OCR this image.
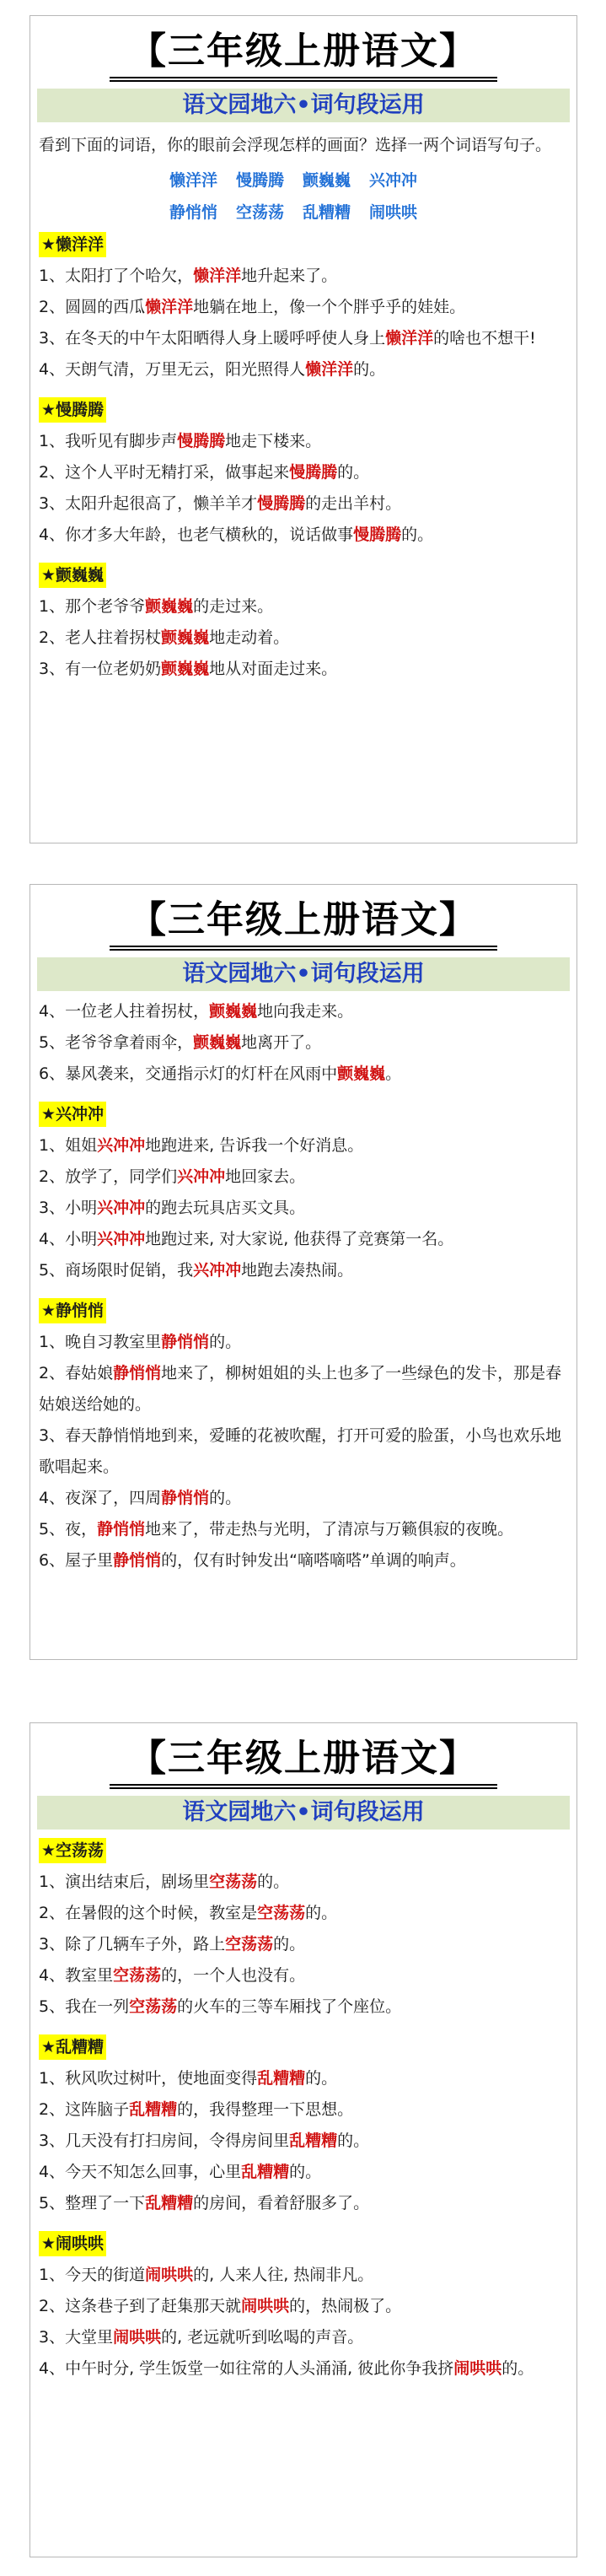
【三年级上册语文】
语文园地六•词句段运用
看到下面的词语，你的眼前会浮现怎样的画面？选择一两个词语写句子。
懒洋洋 慢腾腾 颤巍巍 兴冲冲
静悄悄 空荡荡 乱糟糟 闹哄哄
★懒洋洋
1、太阳打了个哈欠，懒洋洋地升起来了。
2、圆圆的西瓜懒洋洋地躺在地上，像一个个胖乎乎的娃娃。
3、在冬天的中午太阳晒得人身上暖呼呼使人身上懒洋洋的啥也不想干!
4、天朗气清，万里无云，阳光照得人懒洋洋的。
★慢腾腾
1、我听见有脚步声慢腾腾地走下楼来。
2、这个人平时无精打采，做事起来慢腾腾的。
3、太阳升起很高了，懒羊羊才慢腾腾的走出羊村。
4、你才多大年龄，也老气横秋的，说话做事慢腾腾的。
★颤巍巍
1、那个老爷爷颤巍巍的走过来。
2、老人拄着拐杖颤巍巍地走动着。
3、有一位老奶奶颤巍巍地从对面走过来。
【三年级上册语文】
语文园地六•词句段运用
4、一位老人拄着拐杖，颤巍巍地向我走来。
5、老爷爷拿着雨伞，颤巍巍地离开了。
6、暴风袭来，交通指示灯的灯杆在风雨中颤巍巍。
★兴冲冲
1、姐姐兴冲冲地跑进来, 告诉我一个好消息。
2、放学了，同学们兴冲冲地回家去。
3、小明兴冲冲的跑去玩具店买文具。
4、小明兴冲冲地跑过来, 对大家说, 他获得了竞赛第一名。
5、商场限时促销，我兴冲冲地跑去凑热闹。
★静悄悄
1、晚自习教室里静悄悄的。
2、春姑娘静悄悄地来了，柳树姐姐的头上也多了一些绿色的发卡，那是春姑娘送给她的。
3、春天静悄悄地到来，爱睡的花被吹醒，打开可爱的脸蛋，小鸟也欢乐地歌唱起来。
4、夜深了，四周静悄悄的。
5、夜，静悄悄地来了，带走热与光明，了清凉与万籁俱寂的夜晚。
6、屋子里静悄悄的，仅有时钟发出“嘀嗒嘀嗒”单调的响声。
【三年级上册语文】
语文园地六•词句段运用
★空荡荡
1、演出结束后，剧场里空荡荡的。
2、在暑假的这个时候，教室是空荡荡的。
3、除了几辆车子外，路上空荡荡的。
4、教室里空荡荡的，一个人也没有。
5、我在一列空荡荡的火车的三等车厢找了个座位。
★乱糟糟
1、秋风吹过树叶，使地面变得乱糟糟的。
2、这阵脑子乱糟糟的，我得整理一下思想。
3、几天没有打扫房间，令得房间里乱糟糟的。
4、今天不知怎么回事，心里乱糟糟的。
5、整理了一下乱糟糟的房间，看着舒服多了。
★闹哄哄
1、今天的街道闹哄哄的, 人来人往, 热闹非凡。
2、这条巷子到了赶集那天就闹哄哄的，热闹极了。
3、大堂里闹哄哄的, 老远就听到吆喝的声音。
4、中午时分, 学生饭堂一如往常的人头涌涌, 彼此你争我挤闹哄哄的。
